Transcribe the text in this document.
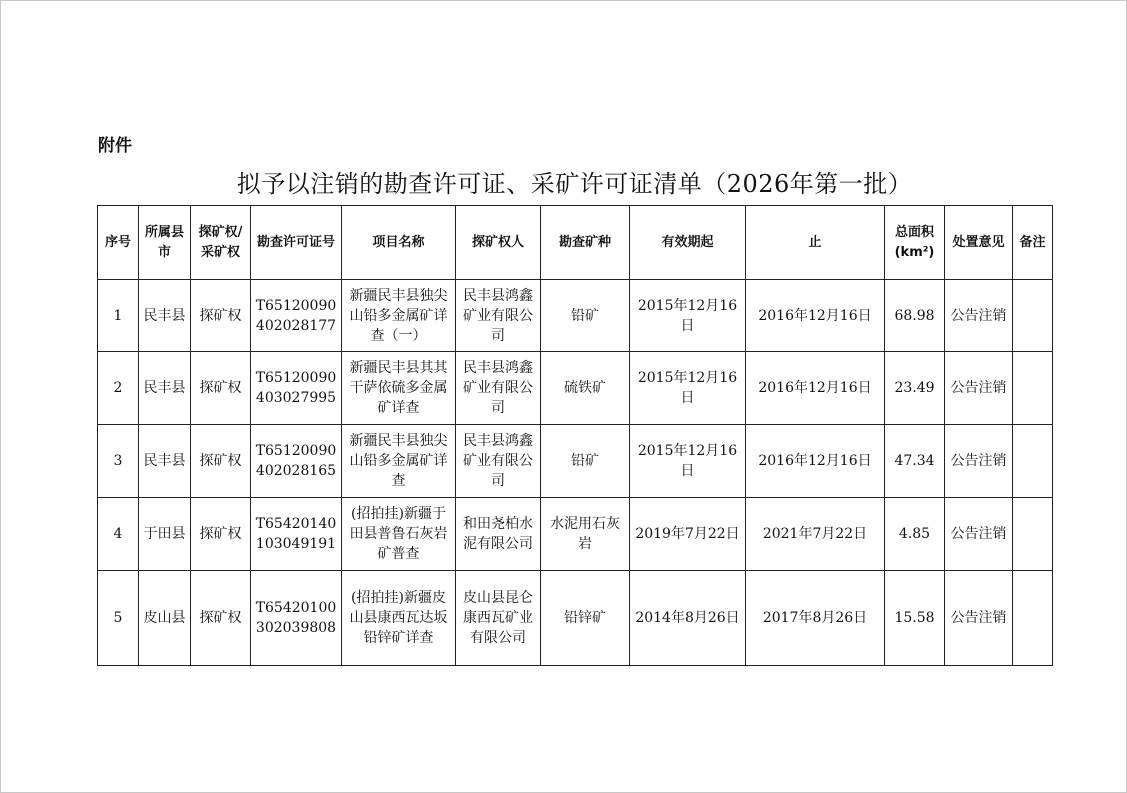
附件
拟予以注销的勘查许可证、采矿许可证清单（2026年第一批）
序号	所属县市	探矿权/采矿权	勘查许可证号	项目名称	探矿权人	勘查矿种	有效期起	止	总面积(km²)	处置意见	备注
1	民丰县	探矿权	T65120090402028177	新疆民丰县独尖山铅多金属矿详查（一）	民丰县鸿鑫矿业有限公司	铅矿	2015年12月16日	2016年12月16日	68.98	公告注销	
2	民丰县	探矿权	T65120090403027995	新疆民丰县其其干萨依硫多金属矿详查	民丰县鸿鑫矿业有限公司	硫铁矿	2015年12月16日	2016年12月16日	23.49	公告注销	
3	民丰县	探矿权	T65120090402028165	新疆民丰县独尖山铅多金属矿详查	民丰县鸿鑫矿业有限公司	铅矿	2015年12月16日	2016年12月16日	47.34	公告注销	
4	于田县	探矿权	T65420140103049191	(招拍挂)新疆于田县普鲁石灰岩矿普查	和田尧柏水泥有限公司	水泥用石灰岩	2019年7月22日	2021年7月22日	4.85	公告注销	
5	皮山县	探矿权	T65420100302039808	(招拍挂)新疆皮山县康西瓦达坂铅锌矿详查	皮山县昆仑康西瓦矿业有限公司	铅锌矿	2014年8月26日	2017年8月26日	15.58	公告注销	
